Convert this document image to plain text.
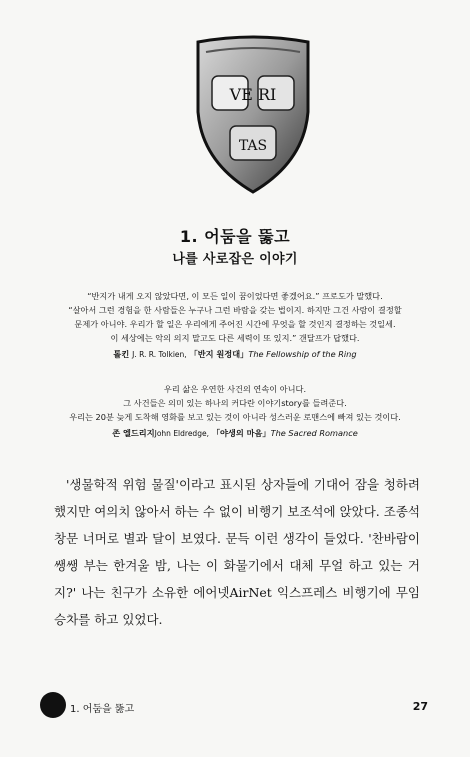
VE RI
TAS
1. 어둠을 뚫고
나를 사로잡은 이야기
“반지가 내게 오지 않았다면, 이 모든 일이 꿈이었다면 좋겠어요.” 프로도가 말했다.
“살아서 그런 경험을 한 사람들은 누구나 그런 바람을 갖는 법이지. 하지만 그건 사람이 결정할
문제가 아니야. 우리가 할 일은 우리에게 주어진 시간에 무엇을 할 것인지 결정하는 것일세.
이 세상에는 악의 의지 말고도 다른 세력이 또 있지.” 갠달프가 답했다.
톨킨 J. R. R. Tolkien, 「반지 원정대」The Fellowship of the Ring
우리 삶은 우연한 사건의 연속이 아니다.
그 사건들은 의미 있는 하나의 커다란 이야기story를 들려준다.
우리는 20분 늦게 도착해 영화를 보고 있는 것이 아니라 성스러운 로맨스에 빠져 있는 것이다.
존 엘드리지John Eldredge, 「야생의 마음」The Sacred Romance

'생물학적 위험 물질'이라고 표시된 상자들에 기대어 잠을 청하려 했지만 여의치 않아서 하는 수 없이 비행기 보조석에 앉았다. 조종석 창문 너머로 별과 달이 보였다. 문득 이런 생각이 들었다. '찬바람이 쌩쌩 부는 한겨울 밤, 나는 이 화물기에서 대체 무얼 하고 있는 거지?' 나는 친구가 소유한 에어넷AirNet 익스프레스 비행기에 무임승차를 하고 있었다.

1. 어둠을 뚫고	27
